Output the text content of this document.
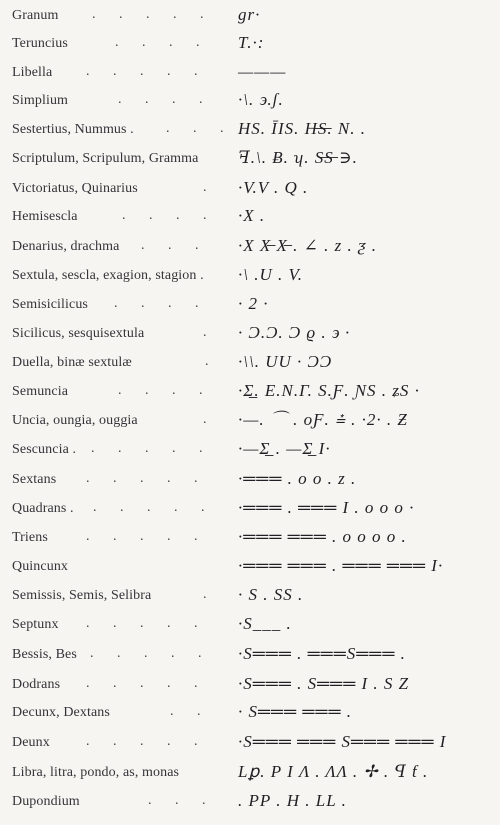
Granum . . . . . gr·
Teruncius	. . . . T.·:
Libella . . . . . ———
Simplium	. . . . ·\. ϶.ʃ.
Sestertius, Nummus . . . . HS. ĪIS. H̶S̶. N. .
Scriptulum, Scripulum, Gramma ꟻ.\. Ƀ. ʮ. S̶S̶ ∋.
Victoriatus, Quinarius	. ·V.V . Q .
Hemisescla	. . . . ·X .
Denarius, drachma . . . ·X X̶ X̶ . ∠ . z . ƺ .
Sextula, sescla, exagion, stagion . ·\ .U . V.
Semisicilicus . . . . · 2 ·
Sicilicus, sesquisextula	. · Ͻ.Ɔ. Ͻ ϱ . ϶ ·
Duella, binæ sextulæ	. ·\\. UU · ƆƆ
Semuncia	. . . . ·Σ̲. E.N.Γ. S.Ƒ. ƝS . ʑS ·
Uncia, oungia, ouggia	. ·—. ⌒ . oƑ. ⩮ . ·2· . Ƶ
Sescuncia . . . . . . ·—Σ̲ . —Σ̲ Ι·
Sextans . . . . . ·═══ . o o . z .
Quadrans . . . . . . ·═══ . ═══ Ι . o o o ·
Triens	. . . . . ·═══ ═══ . o o o o .
Quincunx	·═══ ═══ . ═══ ═══ Ι·
Semissis, Semis, Selibra	. · S . SS .
Septunx . . . . . ·S___ .
Bessis, Bes . . . . . ·S═══ . ═══S═══ .
Dodrans . . . . . ·S═══ . S═══ Ι . S Z
Decunx, Dextans	. . · S═══ ═══ .
Deunx	. . . . . ·S═══ ═══ S═══ ═══ Ι
Libra, litra, pondo, as, monas	Lꝑ. P I Λ . ΛΛ . ✢ . ꟼ ƭ .
Dupondium	. . . . PP . H . LL .
